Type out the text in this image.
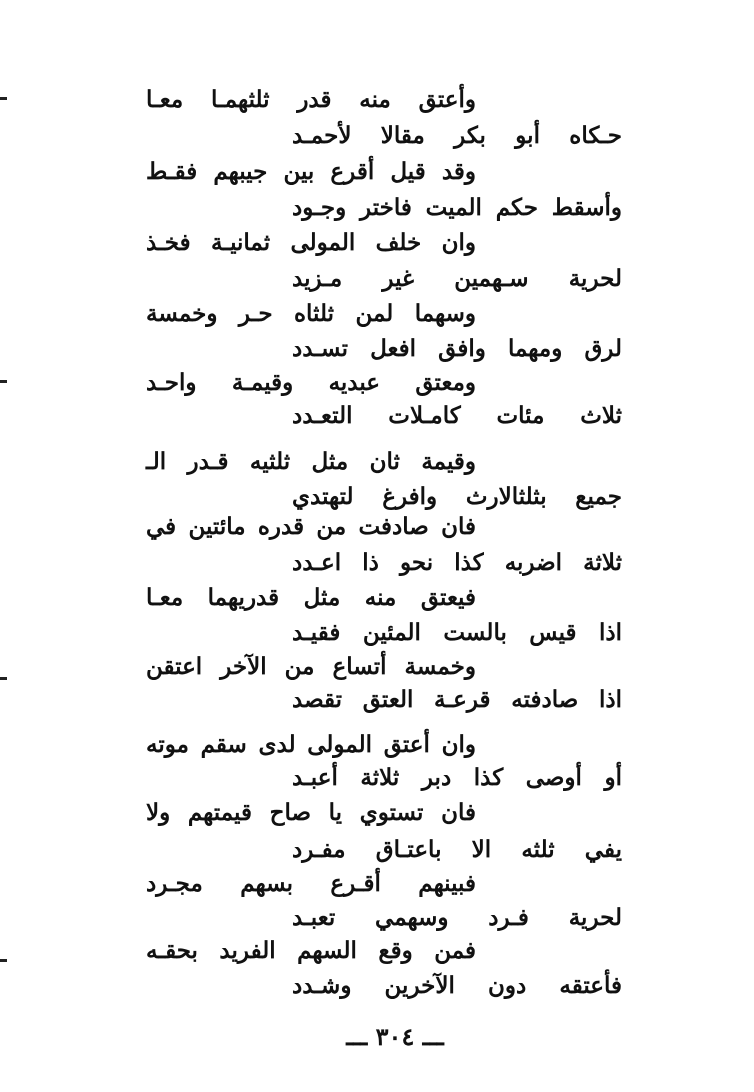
وأعتق منه قدر ثلثهمـا معـا
حـكاه أبو بكر مقالا لأحمـد
وقد قيل أقرع بين جيبهم فقـط
وأسقط حكم الميت فاختر وجـود
وان خلف المولى ثمانيـة فخـذ
لحرية سـهمين غير مـزيد
وسهما لمن ثلثاه حـر وخمسة
لرق ومهما وافق افعل تسـدد
ومعتق عبديه وقيمـة واحـد
ثلاث مئات كامـلات التعـدد
وقيمة ثان مثل ثلثيه قـدر الـ
جميع بثلثالارث وافرغ لتهتدي
فان صادفت من قدره مائتين في
ثلاثة اضربه كذا نحو ذا اعـدد
فيعتق منه مثل قدريهما معـا
اذا قيس بالست المئين فقيـد
وخمسة أتساع من الآخر اعتقن
اذا صادفته قرعـة العتق تقصد
وان أعتق المولى لدى سقم موته
أو أوصى كذا دبر ثلاثة أعبـد
فان تستوي يا صاح قيمتهم ولا
يفي ثلثه الا باعتـاق مفـرد
فبينهم أقـرع بسهم مجـرد
لحرية فـرد وسهمي تعبـد
فمن وقع السهم الفريد بحقـه
فأعتقه دون الآخرين وشـدد
ـــ ٣٠٤ ـــ
